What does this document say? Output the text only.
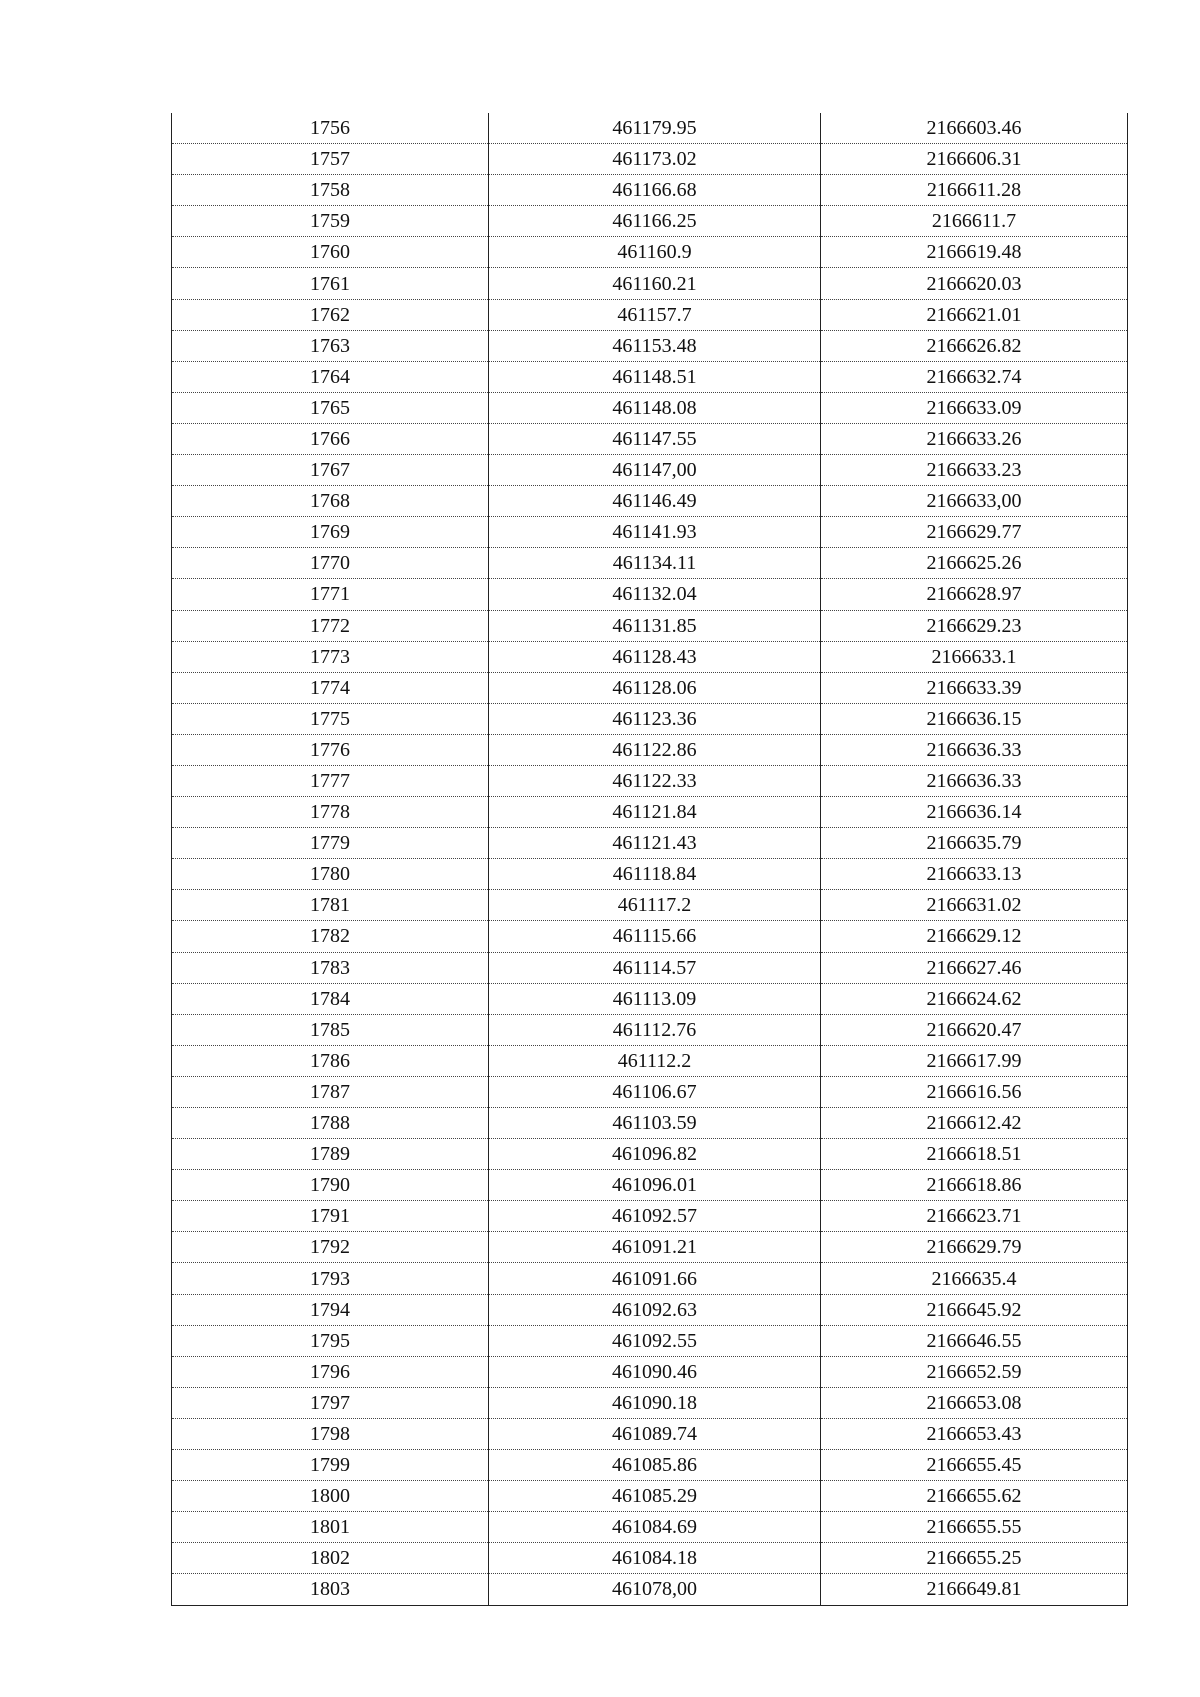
1756	461179.95	2166603.46
1757	461173.02	2166606.31
1758	461166.68	2166611.28
1759	461166.25	2166611.7
1760	461160.9	2166619.48
1761	461160.21	2166620.03
1762	461157.7	2166621.01
1763	461153.48	2166626.82
1764	461148.51	2166632.74
1765	461148.08	2166633.09
1766	461147.55	2166633.26
1767	461147,00	2166633.23
1768	461146.49	2166633,00
1769	461141.93	2166629.77
1770	461134.11	2166625.26
1771	461132.04	2166628.97
1772	461131.85	2166629.23
1773	461128.43	2166633.1
1774	461128.06	2166633.39
1775	461123.36	2166636.15
1776	461122.86	2166636.33
1777	461122.33	2166636.33
1778	461121.84	2166636.14
1779	461121.43	2166635.79
1780	461118.84	2166633.13
1781	461117.2	2166631.02
1782	461115.66	2166629.12
1783	461114.57	2166627.46
1784	461113.09	2166624.62
1785	461112.76	2166620.47
1786	461112.2	2166617.99
1787	461106.67	2166616.56
1788	461103.59	2166612.42
1789	461096.82	2166618.51
1790	461096.01	2166618.86
1791	461092.57	2166623.71
1792	461091.21	2166629.79
1793	461091.66	2166635.4
1794	461092.63	2166645.92
1795	461092.55	2166646.55
1796	461090.46	2166652.59
1797	461090.18	2166653.08
1798	461089.74	2166653.43
1799	461085.86	2166655.45
1800	461085.29	2166655.62
1801	461084.69	2166655.55
1802	461084.18	2166655.25
1803	461078,00	2166649.81
